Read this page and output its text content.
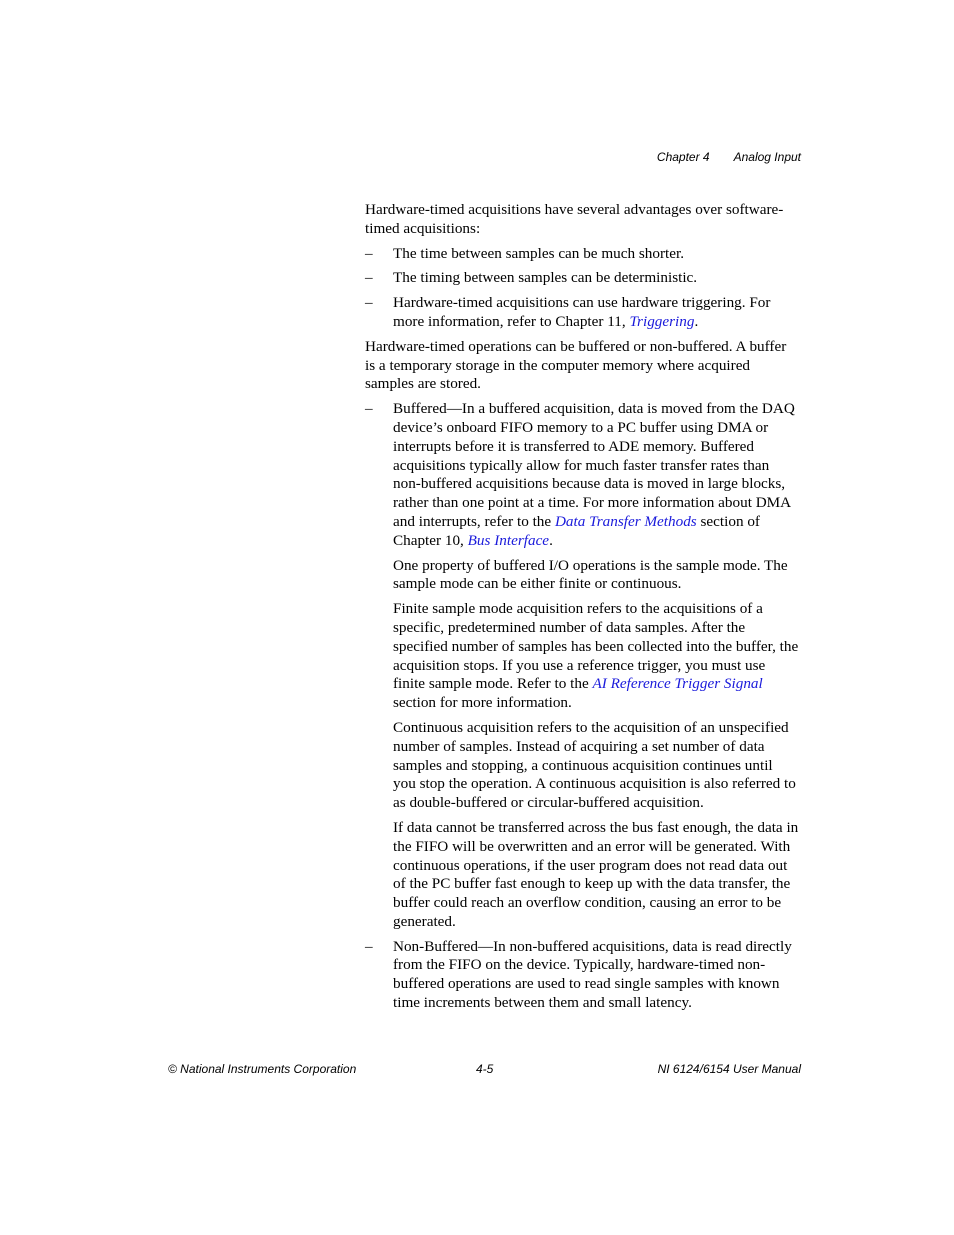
Chapter 4 Analog Input

Hardware-timed acquisitions have several advantages over software-timed acquisitions:

– The time between samples can be much shorter.

– The timing between samples can be deterministic.

– Hardware-timed acquisitions can use hardware triggering. For more information, refer to Chapter 11, Triggering.

Hardware-timed operations can be buffered or non-buffered. A buffer is a temporary storage in the computer memory where acquired samples are stored.

– Buffered—In a buffered acquisition, data is moved from the DAQ device’s onboard FIFO memory to a PC buffer using DMA or interrupts before it is transferred to ADE memory. Buffered acquisitions typically allow for much faster transfer rates than non-buffered acquisitions because data is moved in large blocks, rather than one point at a time. For more information about DMA and interrupts, refer to the Data Transfer Methods section of Chapter 10, Bus Interface.

One property of buffered I/O operations is the sample mode. The sample mode can be either finite or continuous.

Finite sample mode acquisition refers to the acquisitions of a specific, predetermined number of data samples. After the specified number of samples has been collected into the buffer, the acquisition stops. If you use a reference trigger, you must use finite sample mode. Refer to the AI Reference Trigger Signal section for more information.

Continuous acquisition refers to the acquisition of an unspecified number of samples. Instead of acquiring a set number of data samples and stopping, a continuous acquisition continues until you stop the operation. A continuous acquisition is also referred to as double-buffered or circular-buffered acquisition.

If data cannot be transferred across the bus fast enough, the data in the FIFO will be overwritten and an error will be generated. With continuous operations, if the user program does not read data out of the PC buffer fast enough to keep up with the data transfer, the buffer could reach an overflow condition, causing an error to be generated.

– Non-Buffered—In non-buffered acquisitions, data is read directly from the FIFO on the device. Typically, hardware-timed non-buffered operations are used to read single samples with known time increments between them and small latency.

© National Instruments Corporation	4-5	NI 6124/6154 User Manual
